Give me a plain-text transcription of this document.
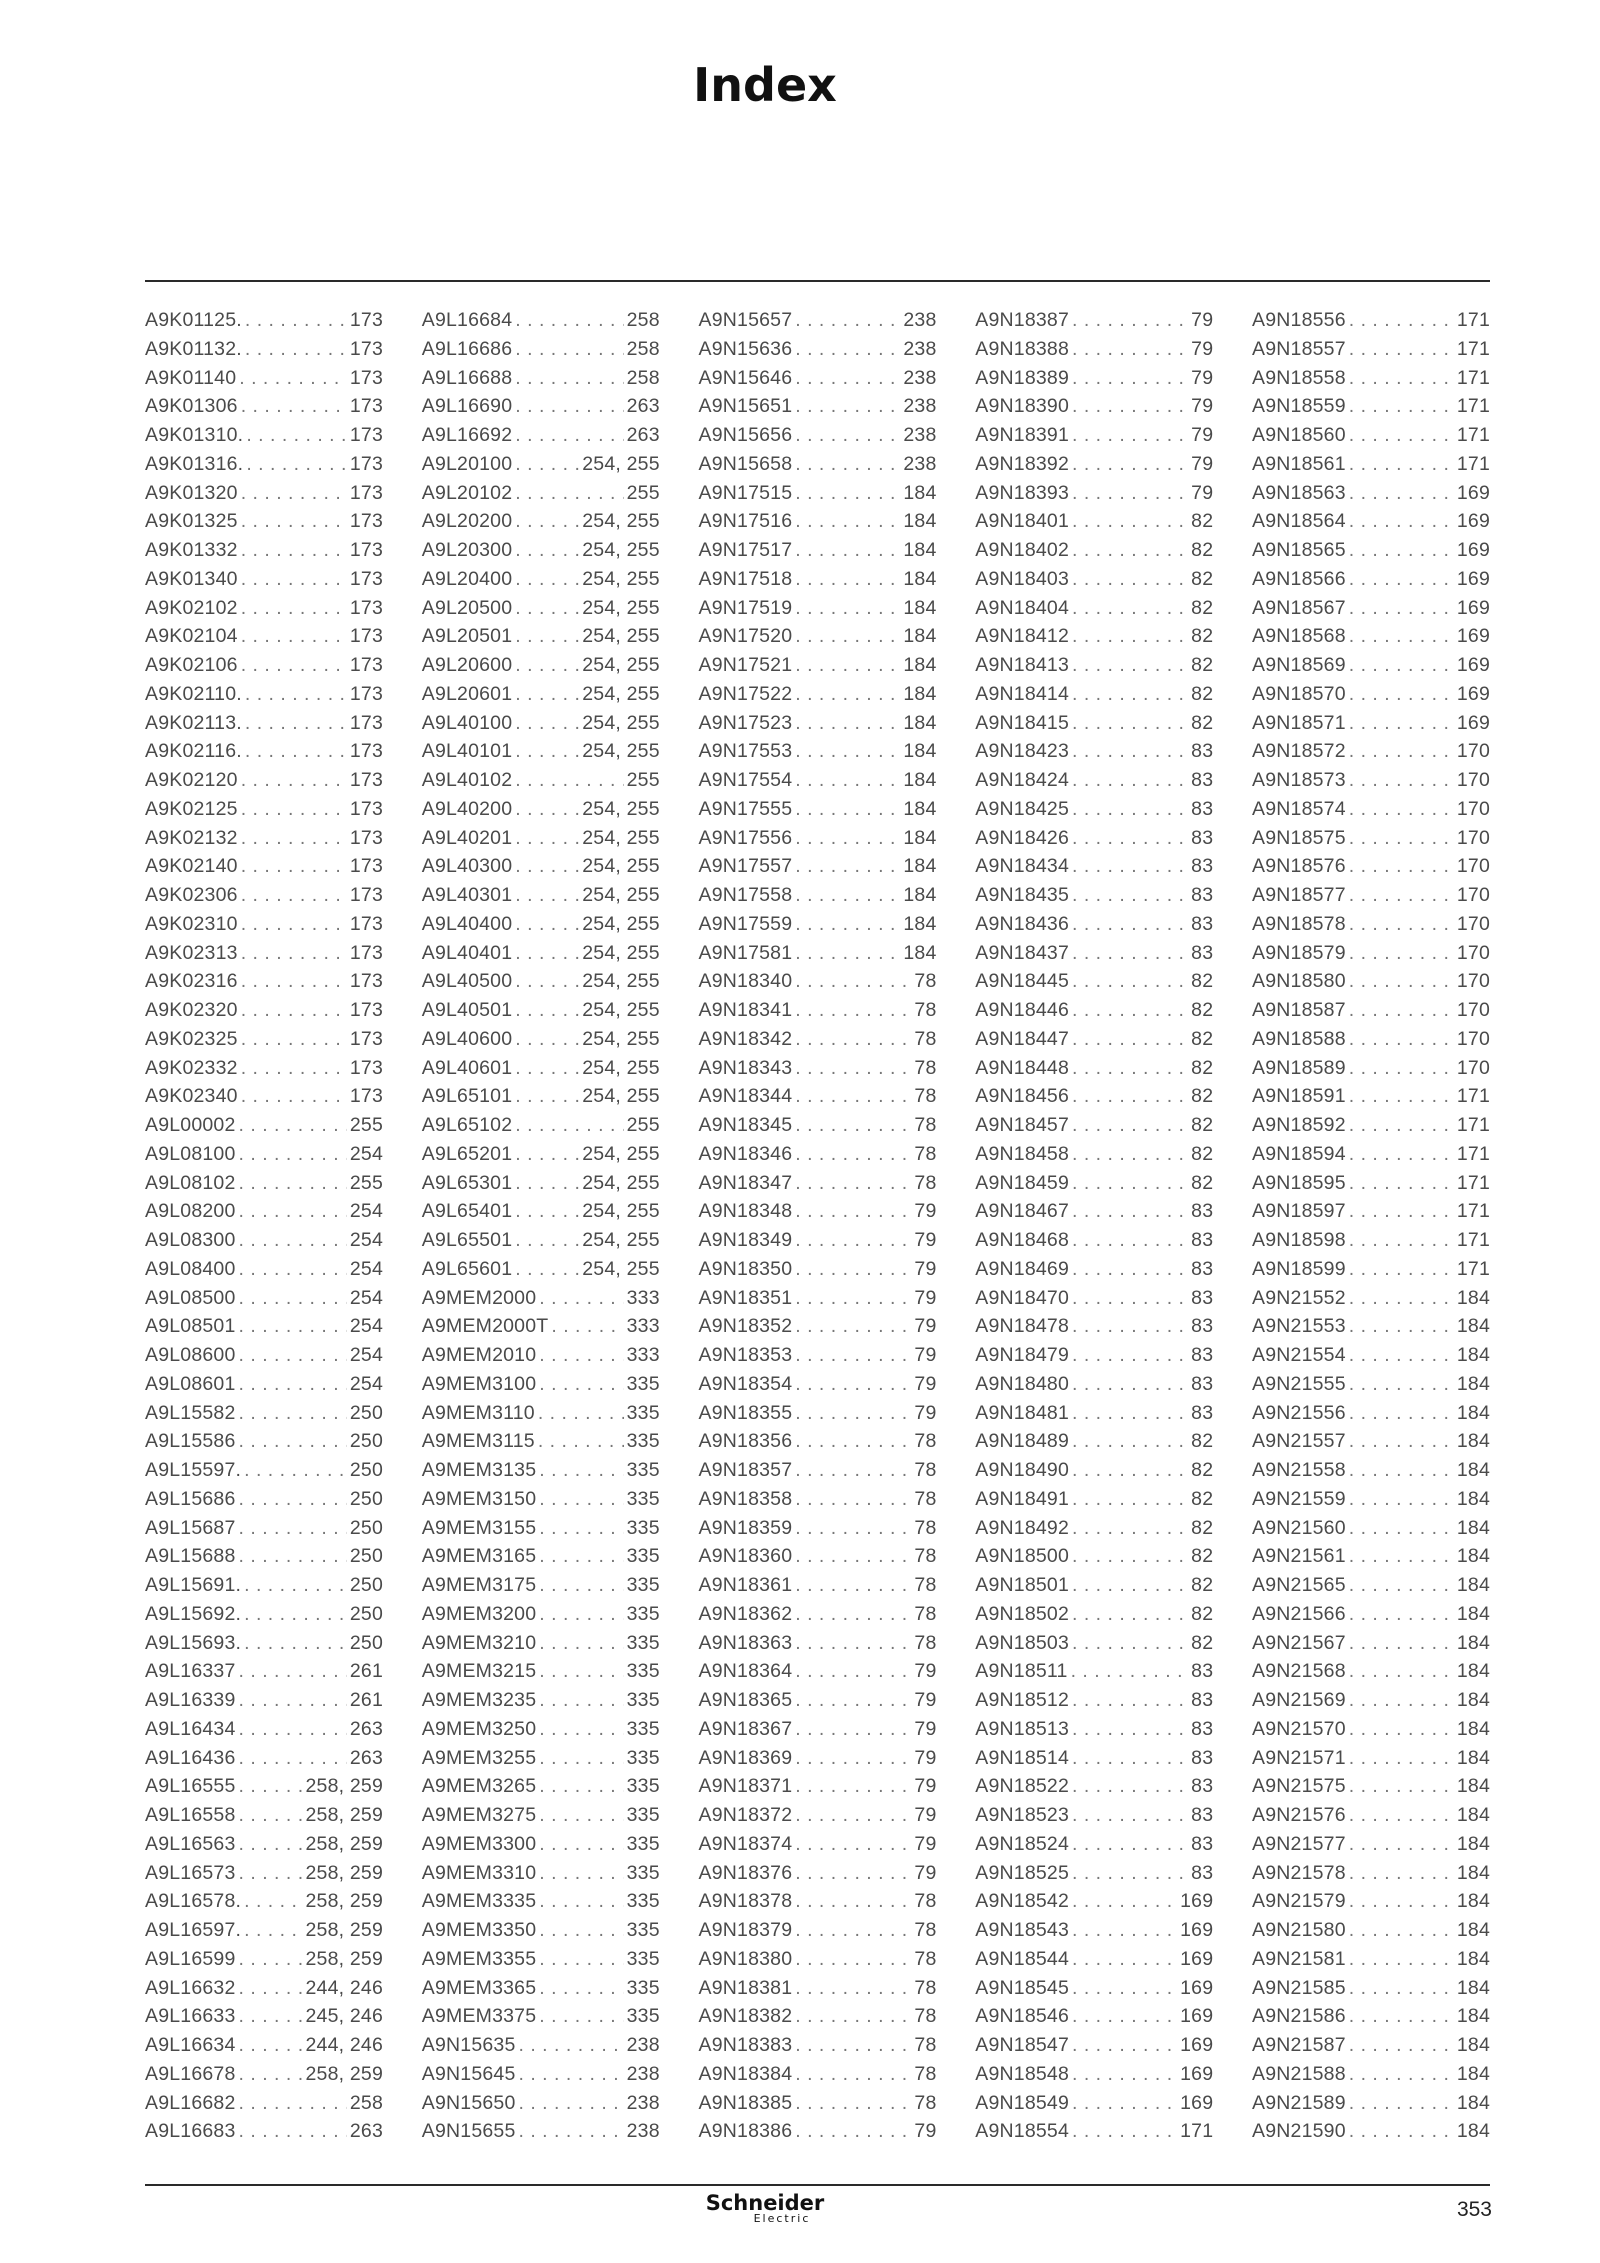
Index
A9K01125. . . .	173
A9K01132. . . .	173
A9K01140 . . .	173
A9K01306 . . .	173
A9K01310. . . .	173
A9K01316. . . .	173
A9K01320 . . .	173
A9K01325 . . .	173
A9K01332 . . .	173
A9K01340 . . .	173
A9K02102 . . .	173
A9K02104 . . .	173
A9K02106 . . .	173
A9K02110. . . .	173
A9K02113. . . .	173
A9K02116. . . .	173
A9K02120 . . .	173
A9K02125 . . .	173
A9K02132 . . .	173
A9K02140 . . .	173
A9K02306 . . .	173
A9K02310 . . .	173
A9K02313 . . .	173
A9K02316 . . .	173
A9K02320 . . .	173
A9K02325 . . .	173
A9K02332 . . .	173
A9K02340 . . .	173
A9L00002 . . .	255
A9L08100 . . .	254
A9L08102 . . .	255
A9L08200 . . .	254
A9L08300 . . .	254
A9L08400 . . .	254
A9L08500 . . .	254
A9L08501 . . .	254
A9L08600 . . .	254
A9L08601 . . .	254
A9L15582 . . .	250
A9L15586 . . .	250
A9L15597. . . .	250
A9L15686 . . .	250
A9L15687 . . .	250
A9L15688 . . .	250
A9L15691. . . .	250
A9L15692. . . .	250
A9L15693. . . .	250
A9L16337 . . .	261
A9L16339 . . .	261
A9L16434 . . .	263
A9L16436 . . .	263
A9L16555 . . .	258, 259
A9L16558 . . .	258, 259
A9L16563 . . .	258, 259
A9L16573 . . .	258, 259
A9L16578. . . .	258, 259
A9L16597. . . .	258, 259
A9L16599 . . .	258, 259
A9L16632 . . .	244, 246
A9L16633 . . .	245, 246
A9L16634 . . .	244, 246
A9L16678 . . .	258, 259
A9L16682 . . .	258
A9L16683 . . .	263
A9L16684 . . .	258
A9L16686 . . .	258
A9L16688 . . .	258
A9L16690 . . .	263
A9L16692 . . .	263
A9L20100 . . .	254, 255
A9L20102 . . .	255
A9L20200 . . .	254, 255
A9L20300 . . .	254, 255
A9L20400 . . .	254, 255
A9L20500 . . .	254, 255
A9L20501 . . .	254, 255
A9L20600 . . .	254, 255
A9L20601 . . .	254, 255
A9L40100 . . .	254, 255
A9L40101 . . .	254, 255
A9L40102 . . .	255
A9L40200 . . .	254, 255
A9L40201 . . .	254, 255
A9L40300 . . .	254, 255
A9L40301 . . .	254, 255
A9L40400 . . .	254, 255
A9L40401 . . .	254, 255
A9L40500 . . .	254, 255
A9L40501 . . .	254, 255
A9L40600 . . .	254, 255
A9L40601 . . .	254, 255
A9L65101 . . .	254, 255
A9L65102 . . .	255
A9L65201 . . .	254, 255
A9L65301 . . .	254, 255
A9L65401 . . .	254, 255
A9L65501 . . .	254, 255
A9L65601 . . .	254, 255
A9MEM2000 . . .	333
A9MEM2000T . . .	333
A9MEM2010 . . .	333
A9MEM3100 . . .	335
A9MEM3110 . . .	335
A9MEM3115 . . .	335
A9MEM3135 . . .	335
A9MEM3150 . . .	335
A9MEM3155 . . .	335
A9MEM3165 . . .	335
A9MEM3175 . . .	335
A9MEM3200 . . .	335
A9MEM3210 . . .	335
A9MEM3215 . . .	335
A9MEM3235 . . .	335
A9MEM3250 . . .	335
A9MEM3255 . . .	335
A9MEM3265 . . .	335
A9MEM3275 . . .	335
A9MEM3300 . . .	335
A9MEM3310 . . .	335
A9MEM3335 . . .	335
A9MEM3350 . . .	335
A9MEM3355 . . .	335
A9MEM3365 . . .	335
A9MEM3375 . . .	335
A9N15635 . . .	238
A9N15645 . . .	238
A9N15650 . . .	238
A9N15655 . . .	238
A9N15657 . . .	238
A9N15636 . . .	238
A9N15646 . . .	238
A9N15651 . . .	238
A9N15656 . . .	238
A9N15658 . . .	238
A9N17515 . . .	184
A9N17516 . . .	184
A9N17517 . . .	184
A9N17518 . . .	184
A9N17519 . . .	184
A9N17520 . . .	184
A9N17521 . . .	184
A9N17522 . . .	184
A9N17523 . . .	184
A9N17553 . . .	184
A9N17554 . . .	184
A9N17555 . . .	184
A9N17556 . . .	184
A9N17557 . . .	184
A9N17558 . . .	184
A9N17559 . . .	184
A9N17581 . . .	184
A9N18340 . . .	78
A9N18341 . . .	78
A9N18342 . . .	78
A9N18343 . . .	78
A9N18344 . . .	78
A9N18345 . . .	78
A9N18346 . . .	78
A9N18347 . . .	78
A9N18348 . . .	79
A9N18349 . . .	79
A9N18350 . . .	79
A9N18351 . . .	79
A9N18352 . . .	79
A9N18353 . . .	79
A9N18354 . . .	79
A9N18355 . . .	79
A9N18356 . . .	78
A9N18357 . . .	78
A9N18358 . . .	78
A9N18359 . . .	78
A9N18360 . . .	78
A9N18361 . . .	78
A9N18362 . . .	78
A9N18363 . . .	78
A9N18364 . . .	79
A9N18365 . . .	79
A9N18367 . . .	79
A9N18369 . . .	79
A9N18371 . . .	79
A9N18372 . . .	79
A9N18374 . . .	79
A9N18376 . . .	79
A9N18378 . . .	78
A9N18379 . . .	78
A9N18380 . . .	78
A9N18381 . . .	78
A9N18382 . . .	78
A9N18383 . . .	78
A9N18384 . . .	78
A9N18385 . . .	78
A9N18386 . . .	79
A9N18387 . . .	79
A9N18388 . . .	79
A9N18389 . . .	79
A9N18390 . . .	79
A9N18391 . . .	79
A9N18392 . . .	79
A9N18393 . . .	79
A9N18401 . . .	82
A9N18402 . . .	82
A9N18403 . . .	82
A9N18404 . . .	82
A9N18412 . . .	82
A9N18413 . . .	82
A9N18414 . . .	82
A9N18415 . . .	82
A9N18423 . . .	83
A9N18424 . . .	83
A9N18425 . . .	83
A9N18426 . . .	83
A9N18434 . . .	83
A9N18435 . . .	83
A9N18436 . . .	83
A9N18437 . . .	83
A9N18445 . . .	82
A9N18446 . . .	82
A9N18447 . . .	82
A9N18448 . . .	82
A9N18456 . . .	82
A9N18457 . . .	82
A9N18458 . . .	82
A9N18459 . . .	82
A9N18467 . . .	83
A9N18468 . . .	83
A9N18469 . . .	83
A9N18470 . . .	83
A9N18478 . . .	83
A9N18479 . . .	83
A9N18480 . . .	83
A9N18481 . . .	83
A9N18489 . . .	82
A9N18490 . . .	82
A9N18491 . . .	82
A9N18492 . . .	82
A9N18500 . . .	82
A9N18501 . . .	82
A9N18502 . . .	82
A9N18503 . . .	82
A9N18511 . . .	83
A9N18512 . . .	83
A9N18513 . . .	83
A9N18514 . . .	83
A9N18522 . . .	83
A9N18523 . . .	83
A9N18524 . . .	83
A9N18525 . . .	83
A9N18542 . . .	169
A9N18543 . . .	169
A9N18544 . . .	169
A9N18545 . . .	169
A9N18546 . . .	169
A9N18547 . . .	169
A9N18548 . . .	169
A9N18549 . . .	169
A9N18554 . . .	171
A9N18556 . . .	171
A9N18557 . . .	171
A9N18558 . . .	171
A9N18559 . . .	171
A9N18560 . . .	171
A9N18561 . . .	171
A9N18563 . . .	169
A9N18564 . . .	169
A9N18565 . . .	169
A9N18566 . . .	169
A9N18567 . . .	169
A9N18568 . . .	169
A9N18569 . . .	169
A9N18570 . . .	169
A9N18571 . . .	169
A9N18572 . . .	170
A9N18573 . . .	170
A9N18574 . . .	170
A9N18575 . . .	170
A9N18576 . . .	170
A9N18577 . . .	170
A9N18578 . . .	170
A9N18579 . . .	170
A9N18580 . . .	170
A9N18587 . . .	170
A9N18588 . . .	170
A9N18589 . . .	170
A9N18591 . . .	171
A9N18592 . . .	171
A9N18594 . . .	171
A9N18595 . . .	171
A9N18597 . . .	171
A9N18598 . . .	171
A9N18599 . . .	171
A9N21552 . . .	184
A9N21553 . . .	184
A9N21554 . . .	184
A9N21555 . . .	184
A9N21556 . . .	184
A9N21557 . . .	184
A9N21558 . . .	184
A9N21559 . . .	184
A9N21560 . . .	184
A9N21561 . . .	184
A9N21565 . . .	184
A9N21566 . . .	184
A9N21567 . . .	184
A9N21568 . . .	184
A9N21569 . . .	184
A9N21570 . . .	184
A9N21571 . . .	184
A9N21575 . . .	184
A9N21576 . . .	184
A9N21577 . . .	184
A9N21578 . . .	184
A9N21579 . . .	184
A9N21580 . . .	184
A9N21581 . . .	184
A9N21585 . . .	184
A9N21586 . . .	184
A9N21587 . . .	184
A9N21588 . . .	184
A9N21589 . . .	184
A9N21590 . . .	184
Schneider
Electric	353
